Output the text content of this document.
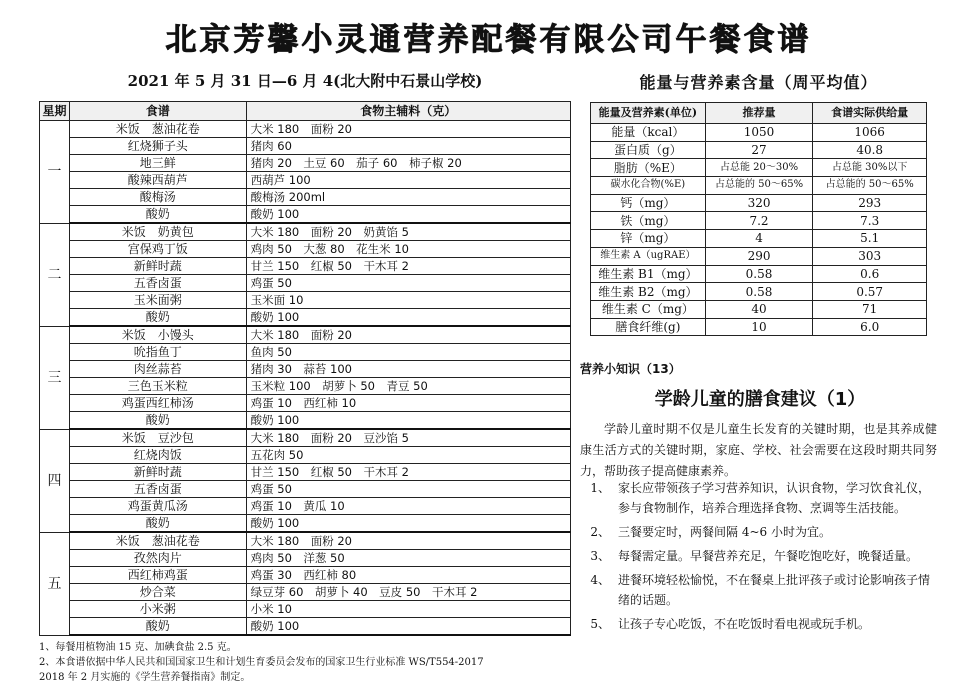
北京芳馨小灵通营养配餐有限公司午餐食谱
2021 年 5 月 31 日—6 月 4(北大附中石景山学校)	能量与营养素含量（周平均值）
星期	食谱	食物主辅料（克）
一	米饭　葱油花卷	大米 180　面粉 20
	红烧狮子头	猪肉 60
	地三鲜	猪肉 20　土豆 60　茄子 60　柿子椒 20
	酸辣西葫芦	西葫芦 100
	酸梅汤	酸梅汤 200ml
	酸奶	酸奶 100
二	米饭　奶黄包	大米 180　面粉 20　奶黄馅 5
	宫保鸡丁饭	鸡肉 50　大葱 80　花生米 10
	新鲜时蔬	甘兰 150　红椒 50　干木耳 2
	五香卤蛋	鸡蛋 50
	玉米面粥	玉米面 10
	酸奶	酸奶 100
三	米饭　小馒头	大米 180　面粉 20
	吮指鱼丁	鱼肉 50
	肉丝蒜苔	猪肉 30　蒜苔 100
	三色玉米粒	玉米粒 100　胡萝卜 50　青豆 50
	鸡蛋西红柿汤	鸡蛋 10　西红柿 10
	酸奶	酸奶 100
四	米饭　豆沙包	大米 180　面粉 20　豆沙馅 5
	红烧肉饭	五花肉 50
	新鲜时蔬	甘兰 150　红椒 50　干木耳 2
	五香卤蛋	鸡蛋 50
	鸡蛋黄瓜汤	鸡蛋 10　黄瓜 10
	酸奶	酸奶 100
五	米饭　葱油花卷	大米 180　面粉 20
	孜然肉片	鸡肉 50　洋葱 50
	西红柿鸡蛋	鸡蛋 30　西红柿 80
	炒合菜	绿豆芽 60　胡萝卜 40　豆皮 50　干木耳 2
	小米粥	小米 10
	酸奶	酸奶 100
能量及营养素(单位)	推荐量	食谱实际供给量
能量（kcal）	1050	1066
蛋白质（g）	27	40.8
脂肪（%E）	占总能 20～30%	占总能 30%以下
碳水化合物(%E)	占总能的 50～65%	占总能的 50～65%
钙（mg）	320	293
铁（mg）	7.2	7.3
锌（mg）	4	5.1
维生素 A（ugRAE）	290	303
维生素 B1（mg）	0.58	0.6
维生素 B2（mg）	0.58	0.57
维生素 C（mg）	40	71
膳食纤维(g)	10	6.0
1、每餐用植物油 15 克、加碘食盐 2.5 克。
2、本食谱依据中华人民共和国国家卫生和计划生育委员会发布的国家卫生行业标准 WS/T554-2017
2018 年 2 月实施的《学生营养餐指南》制定。
营养小知识（13）
学龄儿童的膳食建议（1）
学龄儿童时期不仅是儿童生长发育的关键时期，也是其养成健康生活方式的关键时期，家庭、学校、社会需要在这段时期共同努力，帮助孩子提高健康素养。
1、 家长应带领孩子学习营养知识，认识食物，学习饮食礼仪，参与食物制作，培养合理选择食物、烹调等生活技能。
2、 三餐要定时，两餐间隔 4~6 小时为宜。
3、 每餐需定量。早餐营养充足，午餐吃饱吃好，晚餐适量。
4、 进餐环境轻松愉悦，不在餐桌上批评孩子或讨论影响孩子情绪的话题。
5、 让孩子专心吃饭，不在吃饭时看电视或玩手机。
